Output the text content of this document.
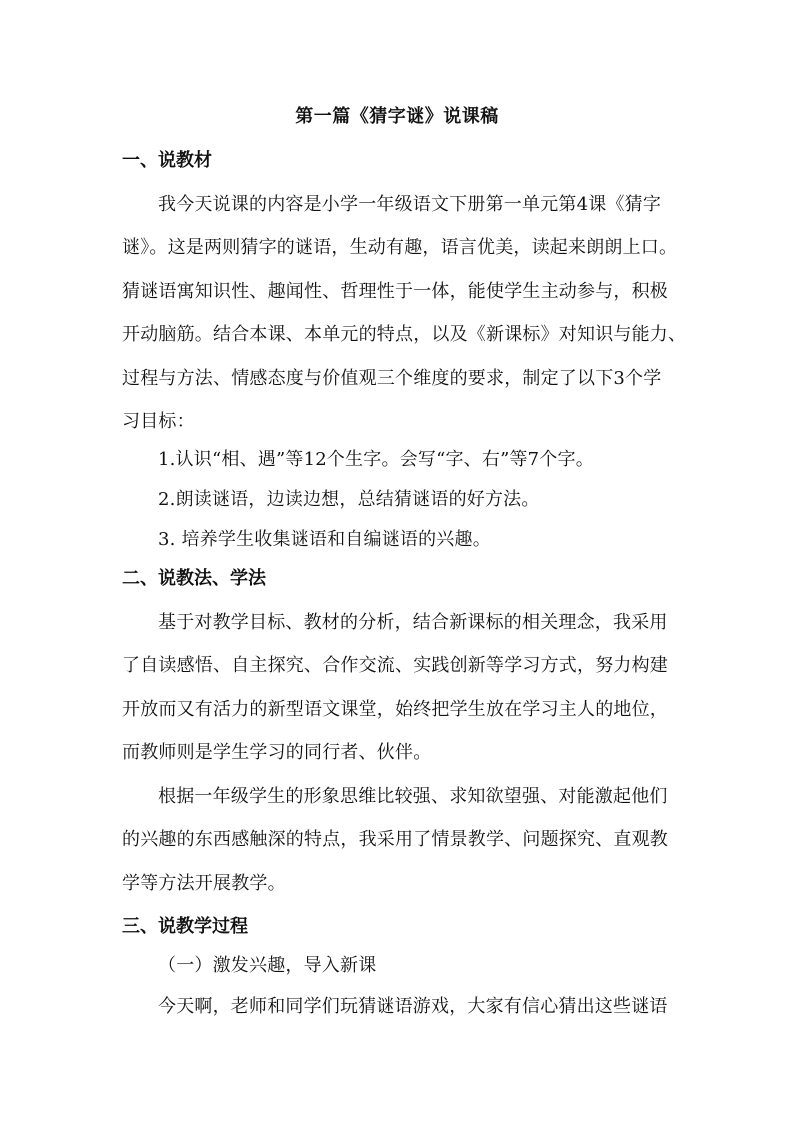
第一篇《猜字谜》说课稿
一、说教材
我今天说课的内容是小学一年级语文下册第一单元第4课《猜字
谜》。这是两则猜字的谜语，生动有趣，语言优美，读起来朗朗上口。
猜谜语寓知识性、趣闻性、哲理性于一体，能使学生主动参与，积极
开动脑筋。结合本课、本单元的特点，以及《新课标》对知识与能力、
过程与方法、情感态度与价值观三个维度的要求，制定了以下3个学
习目标：
1.认识“相、遇”等12个生字。会写“字、右”等7个字。
2.朗读谜语，边读边想，总结猜谜语的好方法。
3. 培养学生收集谜语和自编谜语的兴趣。
二、说教法、学法
基于对教学目标、教材的分析，结合新课标的相关理念，我采用
了自读感悟、自主探究、合作交流、实践创新等学习方式，努力构建
开放而又有活力的新型语文课堂，始终把学生放在学习主人的地位，
而教师则是学生学习的同行者、伙伴。
根据一年级学生的形象思维比较强、求知欲望强、对能激起他们
的兴趣的东西感触深的特点，我采用了情景教学、问题探究、直观教
学等方法开展教学。
三、说教学过程
（一）激发兴趣，导入新课
今天啊，老师和同学们玩猜谜语游戏，大家有信心猜出这些谜语
